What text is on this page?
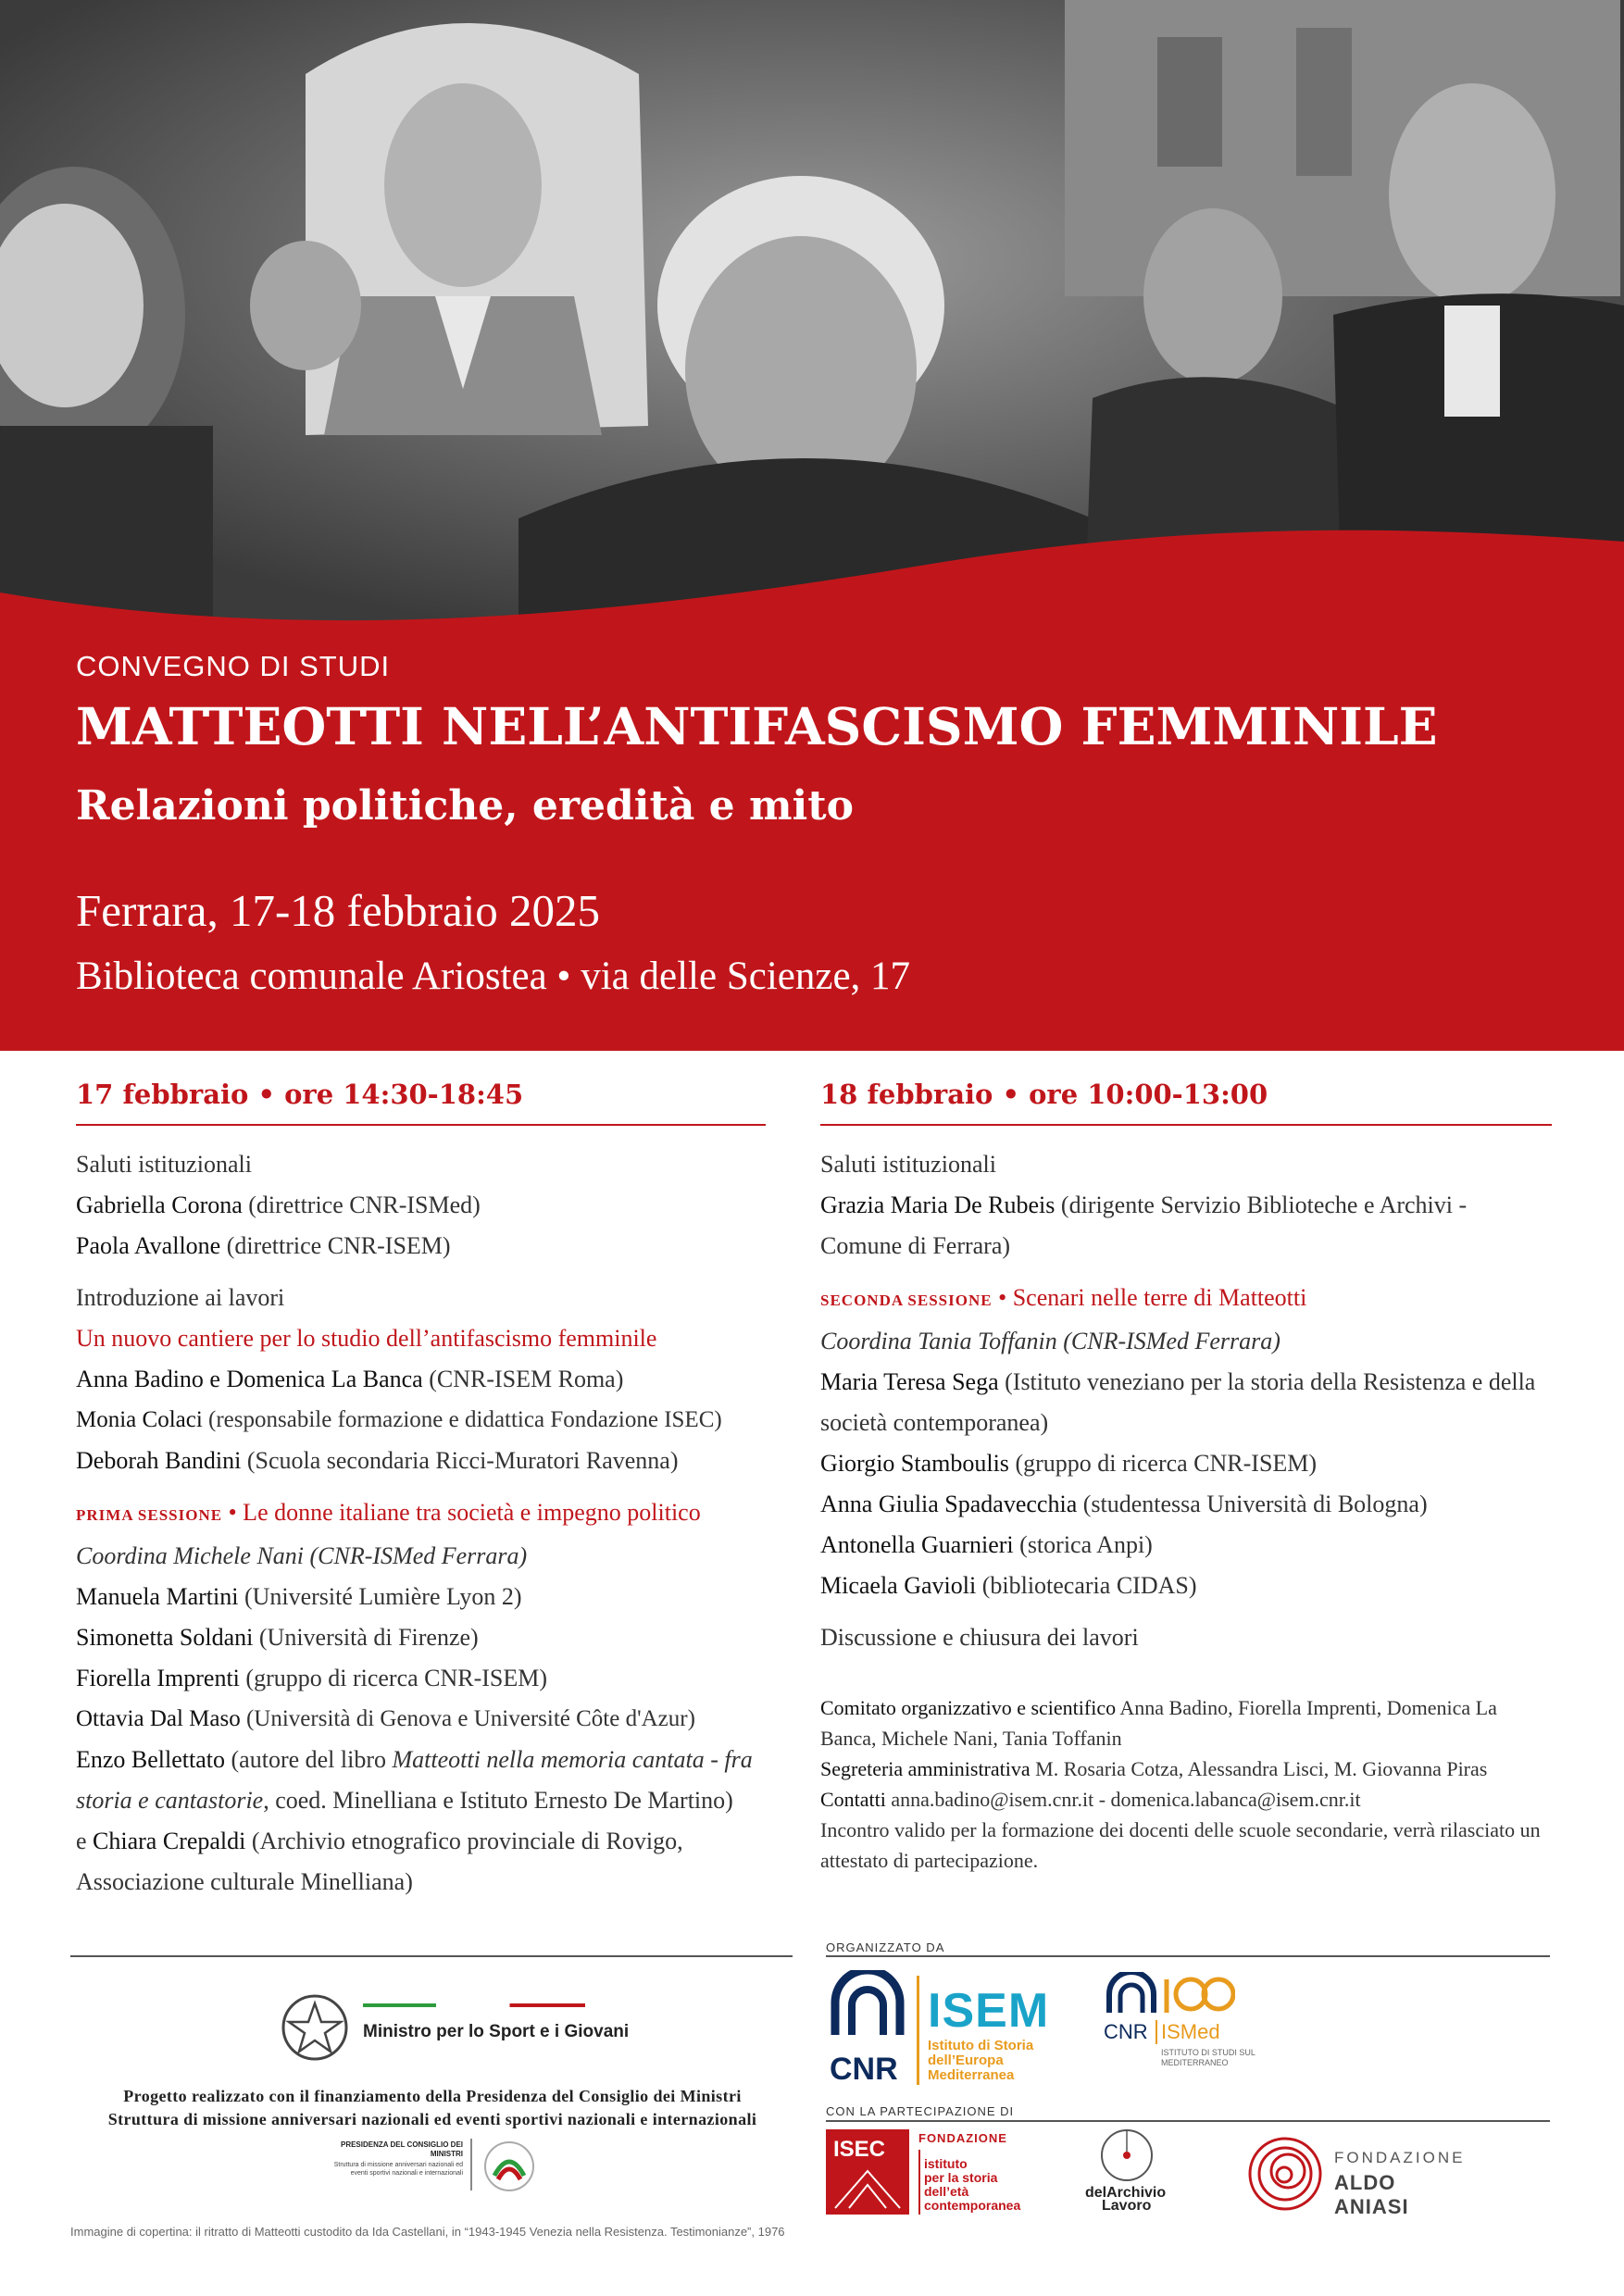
CONVEGNO DI STUDI
MATTEOTTI NELL’ANTIFASCISMO FEMMINILE
Relazioni politiche, eredità e mito
Ferrara, 17-18 febbraio 2025
Biblioteca comunale Ariostea • via delle Scienze, 17
17 febbraio • ore 14:30-18:45
Saluti istituzionali
Gabriella Corona (direttrice CNR-ISMed)
Paola Avallone (direttrice CNR-ISEM)
Introduzione ai lavori
Un nuovo cantiere per lo studio dell’antifascismo femminile
Anna Badino e Domenica La Banca (CNR-ISEM Roma)
Monia Colaci (responsabile formazione e didattica Fondazione ISEC)
Deborah Bandini (Scuola secondaria Ricci-Muratori Ravenna)
PRIMA SESSIONE • Le donne italiane tra società e impegno politico
Coordina Michele Nani (CNR-ISMed Ferrara)
Manuela Martini (Université Lumière Lyon 2)
Simonetta Soldani (Università di Firenze)
Fiorella Imprenti (gruppo di ricerca CNR-ISEM)
Ottavia Dal Maso (Università di Genova e Université Côte d'Azur)
Enzo Bellettato (autore del libro Matteotti nella memoria cantata - fra storia e cantastorie, coed. Minelliana e Istituto Ernesto De Martino)
e Chiara Crepaldi (Archivio etnografico provinciale di Rovigo, Associazione culturale Minelliana)
18 febbraio • ore 10:00-13:00
Saluti istituzionali
Grazia Maria De Rubeis (dirigente Servizio Biblioteche e Archivi - Comune di Ferrara)
SECONDA SESSIONE • Scenari nelle terre di Matteotti
Coordina Tania Toffanin (CNR-ISMed Ferrara)
Maria Teresa Sega (Istituto veneziano per la storia della Resistenza e della società contemporanea)
Giorgio Stamboulis (gruppo di ricerca CNR-ISEM)
Anna Giulia Spadavecchia (studentessa Università di Bologna)
Antonella Guarnieri (storica Anpi)
Micaela Gavioli (bibliotecaria CIDAS)
Discussione e chiusura dei lavori
Comitato organizzativo e scientifico Anna Badino, Fiorella Imprenti, Domenica La Banca, Michele Nani, Tania Toffanin
Segreteria amministrativa M. Rosaria Cotza, Alessandra Lisci, M. Giovanna Piras
Contatti anna.badino@isem.cnr.it - domenica.labanca@isem.cnr.it
Incontro valido per la formazione dei docenti delle scuole secondarie, verrà rilasciato un attestato di partecipazione.
Ministro per lo Sport e i Giovani
Progetto realizzato con il finanziamento della Presidenza del Consiglio dei Ministri
Struttura di missione anniversari nazionali ed eventi sportivi nazionali e internazionali
PRESIDENZA DEL CONSIGLIO DEI MINISTRI
Struttura di missione anniversari nazionali ed eventi sportivi nazionali e internazionali
ORGANIZZATO DA
CNR
ISEM
Istituto di Storia
dell’Europa
Mediterranea
CNR ISMed
ISTITUTO DI STUDI SUL MEDITERRANEO
CON LA PARTECIPAZIONE DI
ISEC	FONDAZIONE
istituto
per la storia
dell’età
contemporanea
delArchivio
Lavoro
FONDAZIONE
ALDO ANIASI
Immagine di copertina: il ritratto di Matteotti custodito da Ida Castellani, in “1943-1945 Venezia nella Resistenza. Testimonianze”, 1976
